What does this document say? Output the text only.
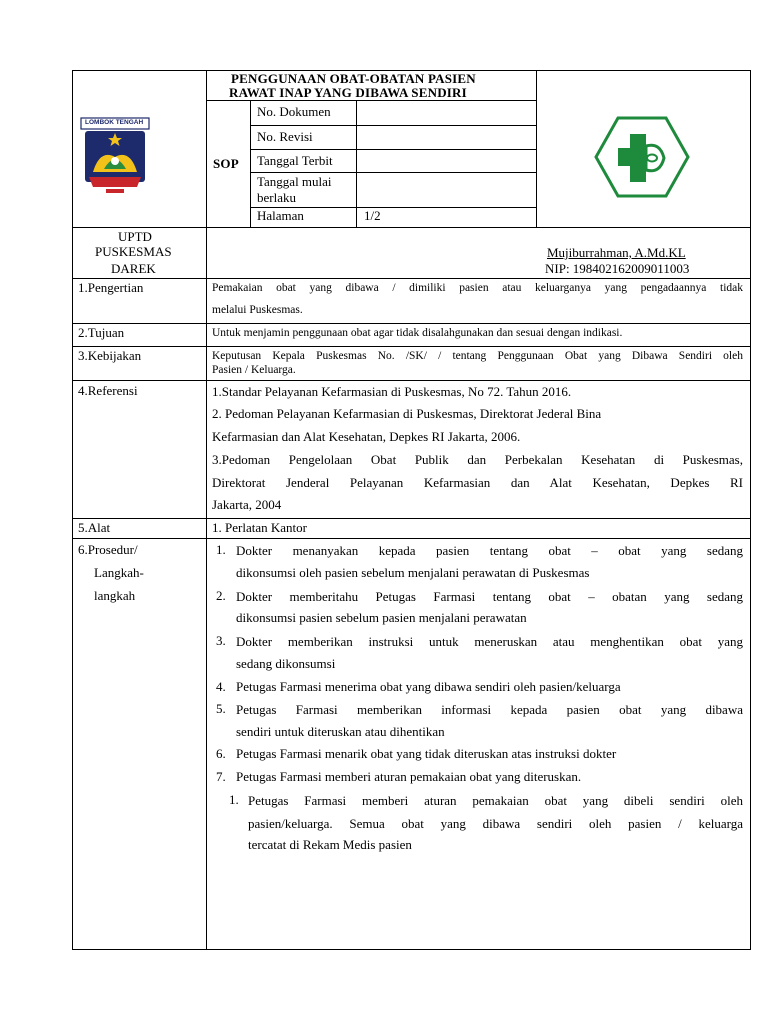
LOMBOK TENGAH
PENGGUNAAN OBAT-OBATAN PASIEN
RAWAT INAP YANG DIBAWA SENDIRI
SOP
No. Dokumen
No. Revisi
Tanggal Terbit
Tanggal mulai
berlaku
Halaman	1/2
UPTD
PUSKESMAS
DAREK
Mujiburrahman, A.Md.KL
NIP: 198402162009011003
1.Pengertian	Pemakaian obat yang dibawa / dimiliki pasien atau keluarganya yang pengadaannya tidak
melalui Puskesmas.
2.Tujuan	Untuk menjamin penggunaan obat agar tidak disalahgunakan dan sesuai dengan indikasi.
3.Kebijakan	Keputusan Kepala Puskesmas No. /SK/ / tentang Penggunaan Obat yang Dibawa Sendiri oleh
Pasien / Keluarga.
4.Referensi	1.Standar Pelayanan Kefarmasian di Puskesmas, No 72. Tahun 2016.
2. Pedoman Pelayanan Kefarmasian di Puskesmas, Direktorat Jederal Bina
Kefarmasian dan Alat Kesehatan, Depkes RI Jakarta, 2006.
3.Pedoman Pengelolaan Obat Publik dan Perbekalan Kesehatan di Puskesmas,
Direktorat Jenderal Pelayanan Kefarmasian dan Alat Kesehatan, Depkes RI
Jakarta, 2004
5.Alat	1. Perlatan Kantor
6.Prosedur/
Langkah-
langkah
1. Dokter menanyakan kepada pasien tentang obat – obat yang sedang
dikonsumsi oleh pasien sebelum menjalani perawatan di Puskesmas
2. Dokter memberitahu Petugas Farmasi tentang obat – obatan yang sedang
dikonsumsi pasien sebelum pasien menjalani perawatan
3. Dokter memberikan instruksi untuk meneruskan atau menghentikan obat yang
sedang dikonsumsi
4. Petugas Farmasi menerima obat yang dibawa sendiri oleh pasien/keluarga
5. Petugas Farmasi memberikan informasi kepada pasien obat yang dibawa
sendiri untuk diteruskan atau dihentikan
6. Petugas Farmasi menarik obat yang tidak diteruskan atas instruksi dokter
7. Petugas Farmasi memberi aturan pemakaian obat yang diteruskan.
1. Petugas Farmasi memberi aturan pemakaian obat yang dibeli sendiri oleh
pasien/keluarga. Semua obat yang dibawa sendiri oleh pasien / keluarga
tercatat di Rekam Medis pasien
